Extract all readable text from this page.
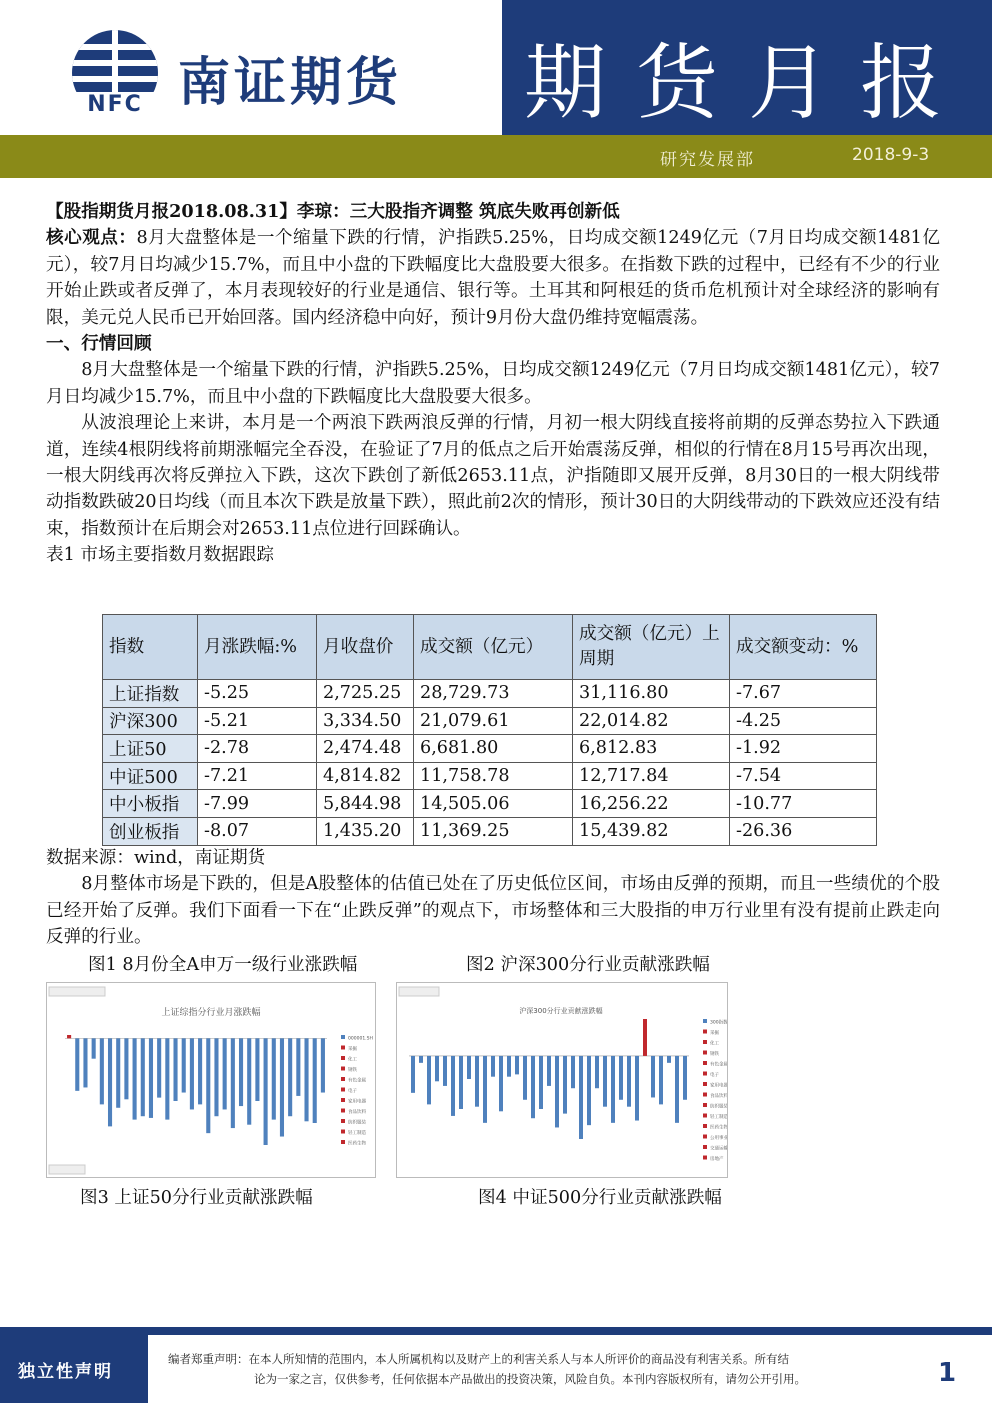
NFC 南证期货 期货月报
研究发展部	2018-9-3

【股指期货月报2018.08.31】李琼：三大股指齐调整 筑底失败再创新低

核心观点：8月大盘整体是一个缩量下跌的行情，沪指跌5.25%，日均成交额1249亿元（7月日均成交额1481亿元），较7月日均减少15.7%，而且中小盘的下跌幅度比大盘股要大很多。在指数下跌的过程中，已经有不少的行业开始止跌或者反弹了，本月表现较好的行业是通信、银行等。土耳其和阿根廷的货币危机预计对全球经济的影响有限，美元兑人民币已开始回落。国内经济稳中向好，预计9月份大盘仍维持宽幅震荡。

一、行情回顾

8月大盘整体是一个缩量下跌的行情，沪指跌5.25%，日均成交额1249亿元（7月日均成交额1481亿元），较7月日均减少15.7%，而且中小盘的下跌幅度比大盘股要大很多。

从波浪理论上来讲，本月是一个两浪下跌两浪反弹的行情，月初一根大阴线直接将前期的反弹态势拉入下跌通道，连续4根阴线将前期涨幅完全吞没，在验证了7月的低点之后开始震荡反弹，相似的行情在8月15号再次出现，一根大阴线再次将反弹拉入下跌，这次下跌创了新低2653.11点，沪指随即又展开反弹，8月30日的一根大阴线带动指数跌破20日均线（而且本次下跌是放量下跌），照此前2次的情形，预计30日的大阴线带动的下跌效应还没有结束，指数预计在后期会对2653.11点位进行回踩确认。

表1 市场主要指数月数据跟踪

指数	月涨跌幅:%	月收盘价	成交额（亿元）	成交额（亿元）上周期	成交额变动：%
上证指数	-5.25	2,725.25	28,729.73	31,116.80	-7.67
沪深300	-5.21	3,334.50	21,079.61	22,014.82	-4.25
上证50	-2.78	2,474.48	6,681.80	6,812.83	-1.92
中证500	-7.21	4,814.82	11,758.78	12,717.84	-7.54
中小板指	-7.99	5,844.98	14,505.06	16,256.22	-10.77
创业板指	-8.07	1,435.20	11,369.25	15,439.82	-26.36

数据来源：wind，南证期货

8月整体市场是下跌的，但是A股整体的估值已处在了历史低位区间，市场由反弹的预期，而且一些绩优的个股已经开始了反弹。我们下面看一下在“止跌反弹”的观点下，市场整体和三大股指的申万行业里有没有提前止跌走向反弹的行业。

图1 8月份全A申万一级行业涨跌幅	图2 沪深300分行业贡献涨跌幅
上证综指分行业月涨跌幅
000001.SH
采掘
化工
钢铁
有色金属
电子
家用电器
食品饮料
纺织服装
轻工制造
医药生物
沪深300分行业贡献涨跌幅
300指数
采掘
化工
钢铁
有色金属
电子
家用电器
食品饮料
纺织服装
轻工制造
医药生物
公用事业
交通运输
房地产
图3 上证50分行业贡献涨跌幅	图4 中证500分行业贡献涨跌幅
独立性声明
编者郑重声明：在本人所知情的范围内，本人所属机构以及财产上的利害关系人与本人所评价的商品没有利害关系。所有结
论为一家之言，仅供参考，任何依据本产品做出的投资决策，风险自负。本刊内容版权所有，请勿公开引用。	1
